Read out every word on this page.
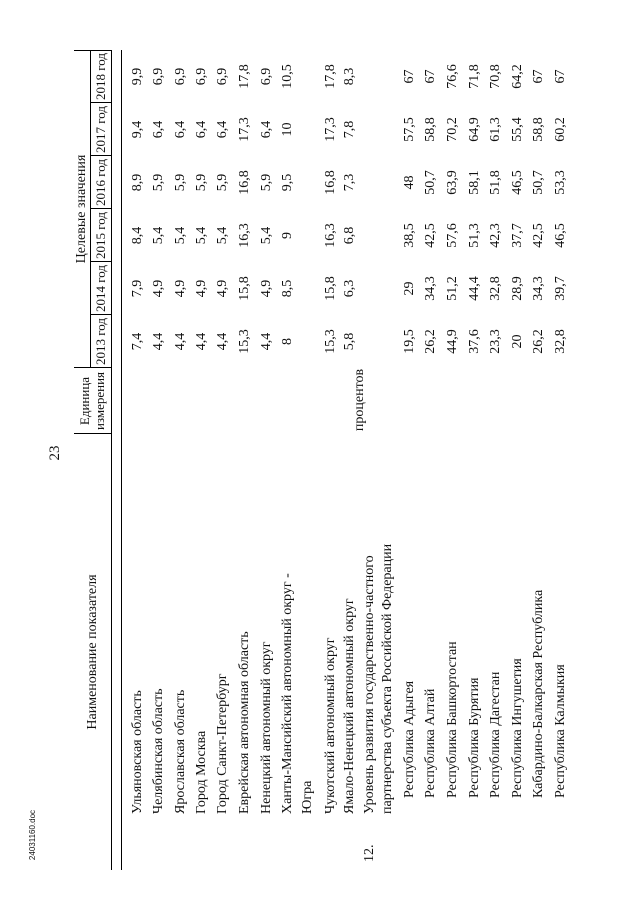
23
24031160.doc
Наименование показателя
Единица измерения
Целевые значения
2013 год
2014 год
2015 год
2016 год
2017 год
2018 год
Ульяновская область
7,4
7,9
8,4
8,9
9,4
9,9
Челябинская область
4,4
4,9
5,4
5,9
6,4
6,9
Ярославская область
4,4
4,9
5,4
5,9
6,4
6,9
Город Москва
4,4
4,9
5,4
5,9
6,4
6,9
Город Санкт-Петербург
4,4
4,9
5,4
5,9
6,4
6,9
Еврейская автономная область
15,3
15,8
16,3
16,8
17,3
17,8
Ненецкий автономный округ
4,4
4,9
5,4
5,9
6,4
6,9
Ханты-Мансийский автономный округ -
8
8,5
9
9,5
10
10,5
Югра Чукотский автономный округ
15,3
15,8
16,3
16,8
17,3
17,8
Ямало-Ненецкий автономный округ
5,8
6,3
6,8
7,3
7,8
8,3
12.
Уровень развития государственно-частного
процентов
партнерства субъекта Российской Федерации Республика Адыгея
19,5
29
38,5
48
57,5
67
Республика Алтай
26,2
34,3
42,5
50,7
58,8
67
Республика Башкортостан
44,9
51,2
57,6
63,9
70,2
76,6
Республика Бурятия
37,6
44,4
51,3
58,1
64,9
71,8
Республика Дагестан
23,3
32,8
42,3
51,8
61,3
70,8
Республика Ингушетия
20
28,9
37,7
46,5
55,4
64,2
Кабардино-Балкарская Республика
26,2
34,3
42,5
50,7
58,8
67
Республика Калмыкия
32,8
39,7
46,5
53,3
60,2
67
